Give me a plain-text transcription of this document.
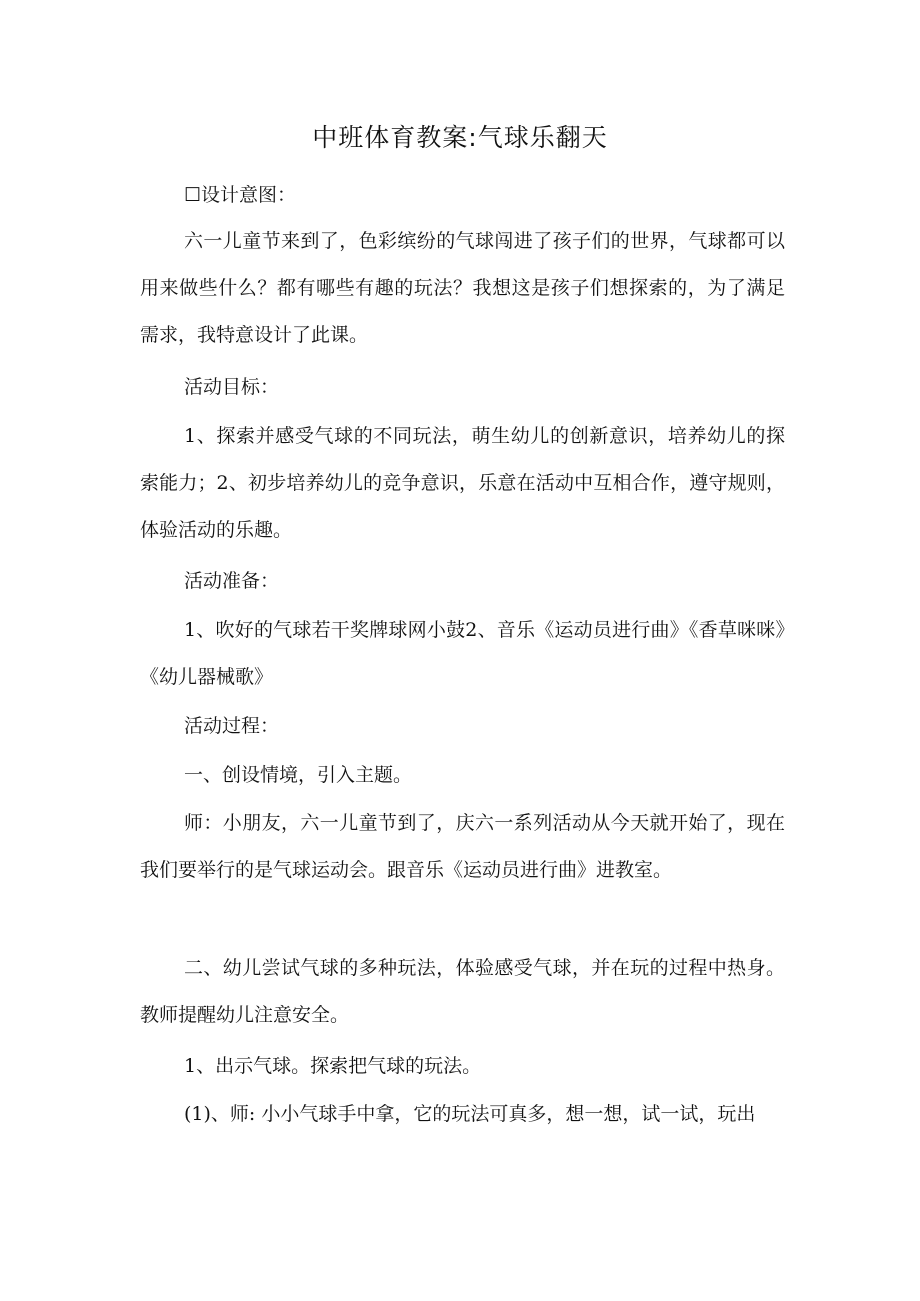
中班体育教案:气球乐翻天
☐设计意图：
六一儿童节来到了，色彩缤纷的气球闯进了孩子们的世界，气球都可以用来做些什么？都有哪些有趣的玩法？我想这是孩子们想探索的，为了满足需求，我特意设计了此课。
活动目标：
1、探索并感受气球的不同玩法，萌生幼儿的创新意识，培养幼儿的探索能力；2、初步培养幼儿的竞争意识，乐意在活动中互相合作，遵守规则，体验活动的乐趣。
活动准备：
1、吹好的气球若干奖牌球网小鼓2、音乐《运动员进行曲》《香草咪咪》《幼儿器械歌》
活动过程：
一、创设情境，引入主题。
师：小朋友，六一儿童节到了，庆六一系列活动从今天就开始了，现在我们要举行的是气球运动会。跟音乐《运动员进行曲》进教室。
二、幼儿尝试气球的多种玩法，体验感受气球，并在玩的过程中热身。教师提醒幼儿注意安全。
1、出示气球。探索把气球的玩法。
(1)、师: 小小气球手中拿，它的玩法可真多，想一想，试一试，玩出
